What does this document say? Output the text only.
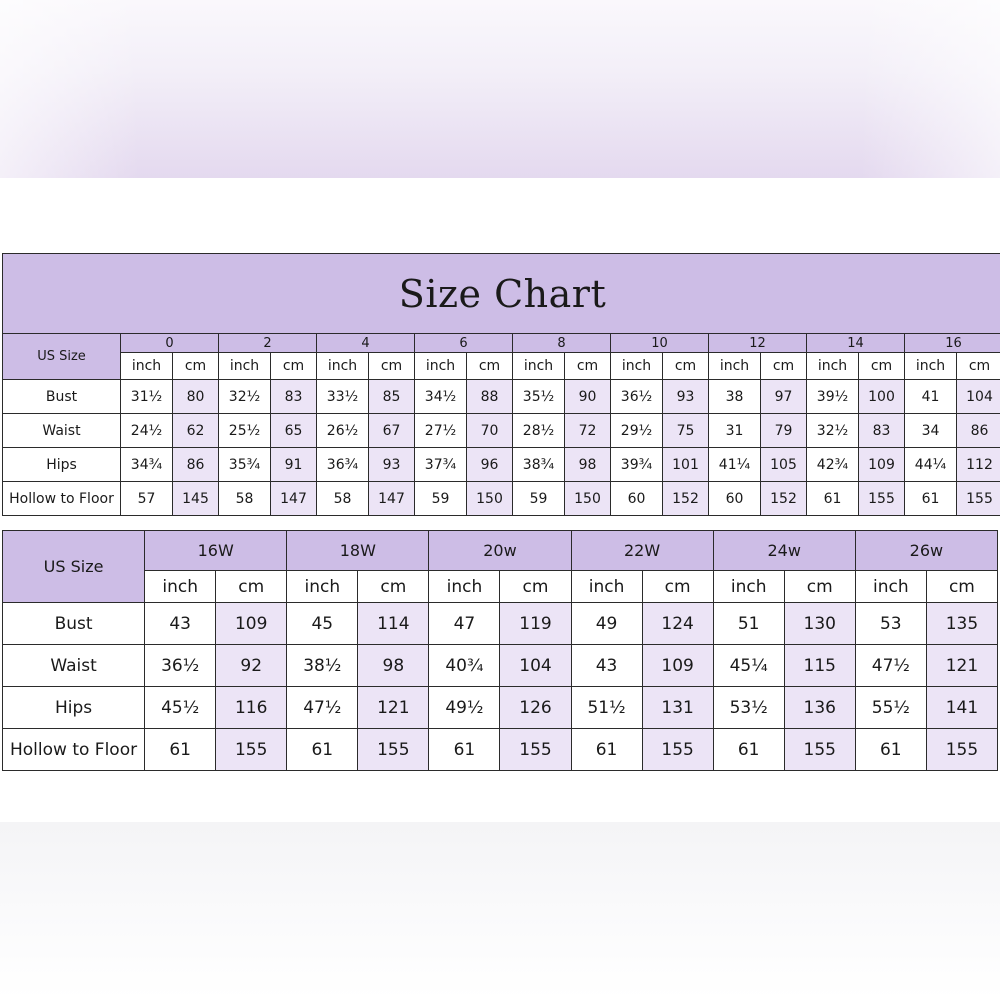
Size Chart																		
US Size	0		2		4		6		8		10		12		14		16	
	inch	cm	inch	cm	inch	cm	inch	cm	inch	cm	inch	cm	inch	cm	inch	cm	inch	cm
Bust	31½	80	32½	83	33½	85	34½	88	35½	90	36½	93	38	97	39½	100	41	104
Waist	24½	62	25½	65	26½	67	27½	70	28½	72	29½	75	31	79	32½	83	34	86
Hips	34¾	86	35¾	91	36¾	93	37¾	96	38¾	98	39¾	101	41¼	105	42¾	109	44¼	112
Hollow to Floor	57	145	58	147	58	147	59	150	59	150	60	152	60	152	61	155	61	155
US Size	16W		18W		20w		22W		24w		26w	
	inch	cm	inch	cm	inch	cm	inch	cm	inch	cm	inch	cm
Bust	43	109	45	114	47	119	49	124	51	130	53	135
Waist	36½	92	38½	98	40¾	104	43	109	45¼	115	47½	121
Hips	45½	116	47½	121	49½	126	51½	131	53½	136	55½	141
Hollow to Floor	61	155	61	155	61	155	61	155	61	155	61	155
